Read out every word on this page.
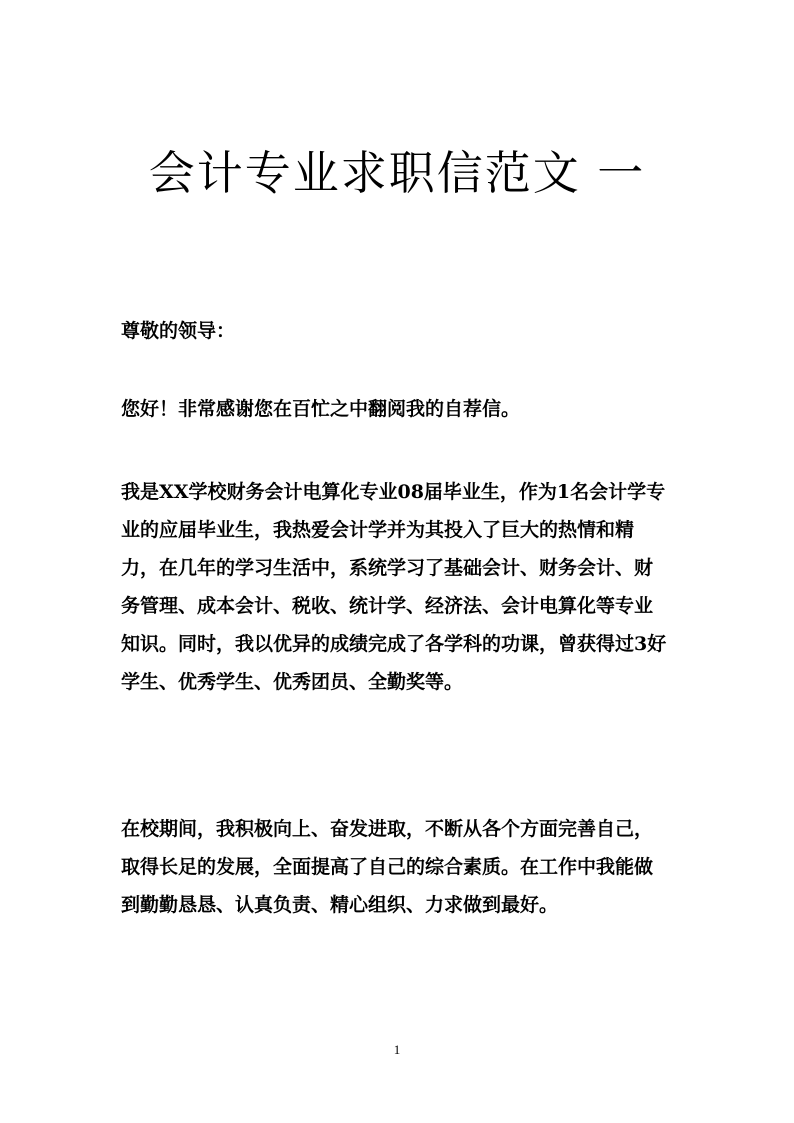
会计专业求职信范文 一

尊敬的领导：

您好！非常感谢您在百忙之中翻阅我的自荐信。

我是XX学校财务会计电算化专业08届毕业生，作为1名会计学专业的应届毕业生，我热爱会计学并为其投入了巨大的热情和精力，在几年的学习生活中，系统学习了基础会计、财务会计、财务管理、成本会计、税收、统计学、经济法、会计电算化等专业知识。同时，我以优异的成绩完成了各学科的功课，曾获得过3好学生、优秀学生、优秀团员、全勤奖等。

在校期间，我积极向上、奋发进取，不断从各个方面完善自己，取得长足的发展，全面提高了自己的综合素质。在工作中我能做到勤勤恳恳、认真负责、精心组织、力求做到最好。

1
